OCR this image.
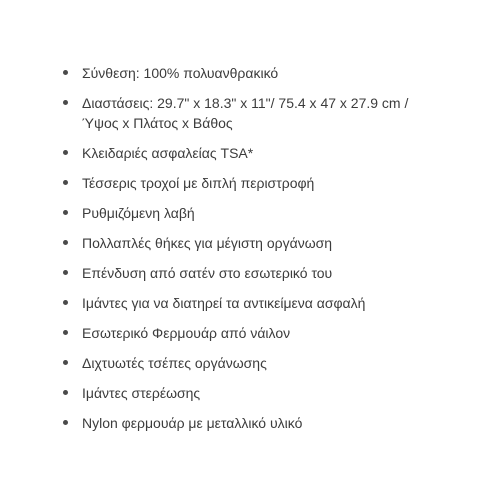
Σύνθεση: 100% πολυανθρακικό
Διαστάσεις: 29.7" x 18.3" x 11"/ 75.4 x 47 x 27.9 cm /
Ύψος x Πλάτος x Βάθος
Κλειδαριές ασφαλείας TSA*
Τέσσερις τροχοί με διπλή περιστροφή
Ρυθμιζόμενη λαβή
Πολλαπλές θήκες για μέγιστη οργάνωση
Επένδυση από σατέν στο εσωτερικό του
Ιμάντες για να διατηρεί τα αντικείμενα ασφαλή
Εσωτερικό Φερμουάρ από νάιλον
Διχτυωτές τσέπες οργάνωσης
Ιμάντες στερέωσης
Nylon φερμουάρ με μεταλλικό υλικό
